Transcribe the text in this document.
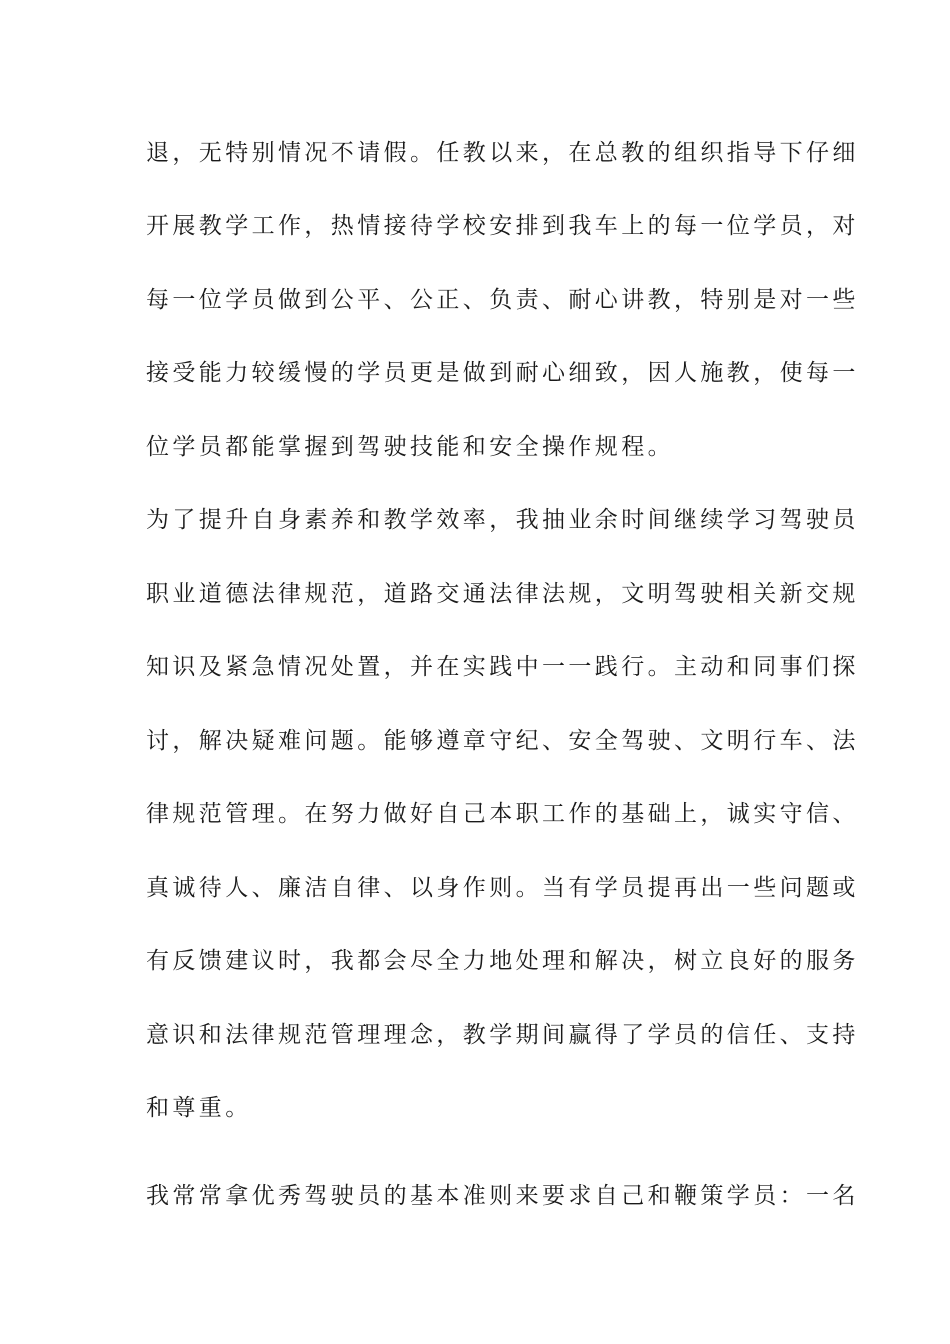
退，无特别情况不请假。任教以来，在总教的组织指导下仔细
开展教学工作，热情接待学校安排到我车上的每一位学员，对
每一位学员做到公平、公正、负责、耐心讲教，特别是对一些
接受能力较缓慢的学员更是做到耐心细致，因人施教，使每一
位学员都能掌握到驾驶技能和安全操作规程。
为了提升自身素养和教学效率，我抽业余时间继续学习驾驶员
职业道德法律规范，道路交通法律法规，文明驾驶相关新交规
知识及紧急情况处置，并在实践中一一践行。主动和同事们探
讨，解决疑难问题。能够遵章守纪、安全驾驶、文明行车、法
律规范管理。在努力做好自己本职工作的基础上，诚实守信、
真诚待人、廉洁自律、以身作则。当有学员提再出一些问题或
有反馈建议时，我都会尽全力地处理和解决，树立良好的服务
意识和法律规范管理理念，教学期间赢得了学员的信任、支持
和尊重。
我常常拿优秀驾驶员的基本准则来要求自己和鞭策学员：一名
